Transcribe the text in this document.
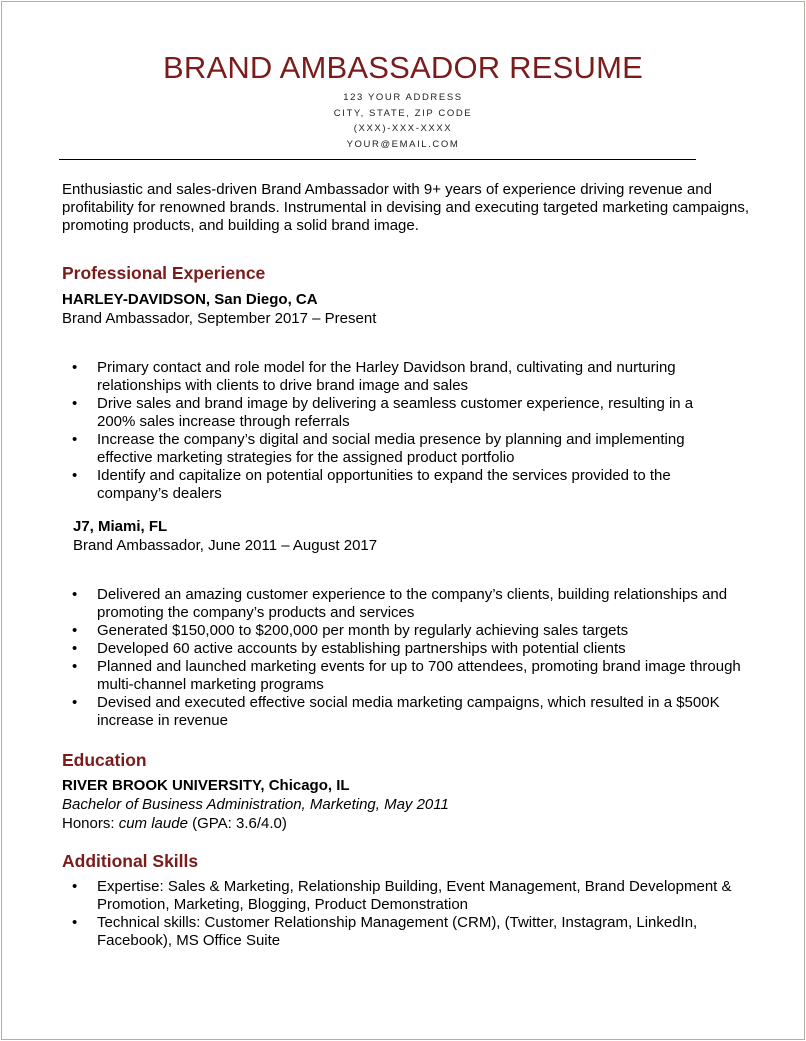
BRAND AMBASSADOR RESUME
123 YOUR ADDRESS
CITY, STATE, ZIP CODE
(XXX)-XXX-XXXX
YOUR@EMAIL.COM
Enthusiastic and sales-driven Brand Ambassador with 9+ years of experience driving revenue and profitability for renowned brands. Instrumental in devising and executing targeted marketing campaigns, promoting products, and building a solid brand image.
Professional Experience
HARLEY-DAVIDSON, San Diego, CA
Brand Ambassador, September 2017 – Present
• Primary contact and role model for the Harley Davidson brand, cultivating and nurturing relationships with clients to drive brand image and sales
• Drive sales and brand image by delivering a seamless customer experience, resulting in a 200% sales increase through referrals
• Increase the company’s digital and social media presence by planning and implementing effective marketing strategies for the assigned product portfolio
• Identify and capitalize on potential opportunities to expand the services provided to the company’s dealers
J7, Miami, FL
Brand Ambassador, June 2011 – August 2017
• Delivered an amazing customer experience to the company’s clients, building relationships and promoting the company’s products and services
• Generated $150,000 to $200,000 per month by regularly achieving sales targets
• Developed 60 active accounts by establishing partnerships with potential clients
• Planned and launched marketing events for up to 700 attendees, promoting brand image through multi-channel marketing programs
• Devised and executed effective social media marketing campaigns, which resulted in a $500K increase in revenue
Education
RIVER BROOK UNIVERSITY, Chicago, IL
Bachelor of Business Administration, Marketing, May 2011
Honors: cum laude (GPA: 3.6/4.0)
Additional Skills
• Expertise: Sales & Marketing, Relationship Building, Event Management, Brand Development & Promotion, Marketing, Blogging, Product Demonstration
• Technical skills: Customer Relationship Management (CRM), (Twitter, Instagram, LinkedIn, Facebook), MS Office Suite
